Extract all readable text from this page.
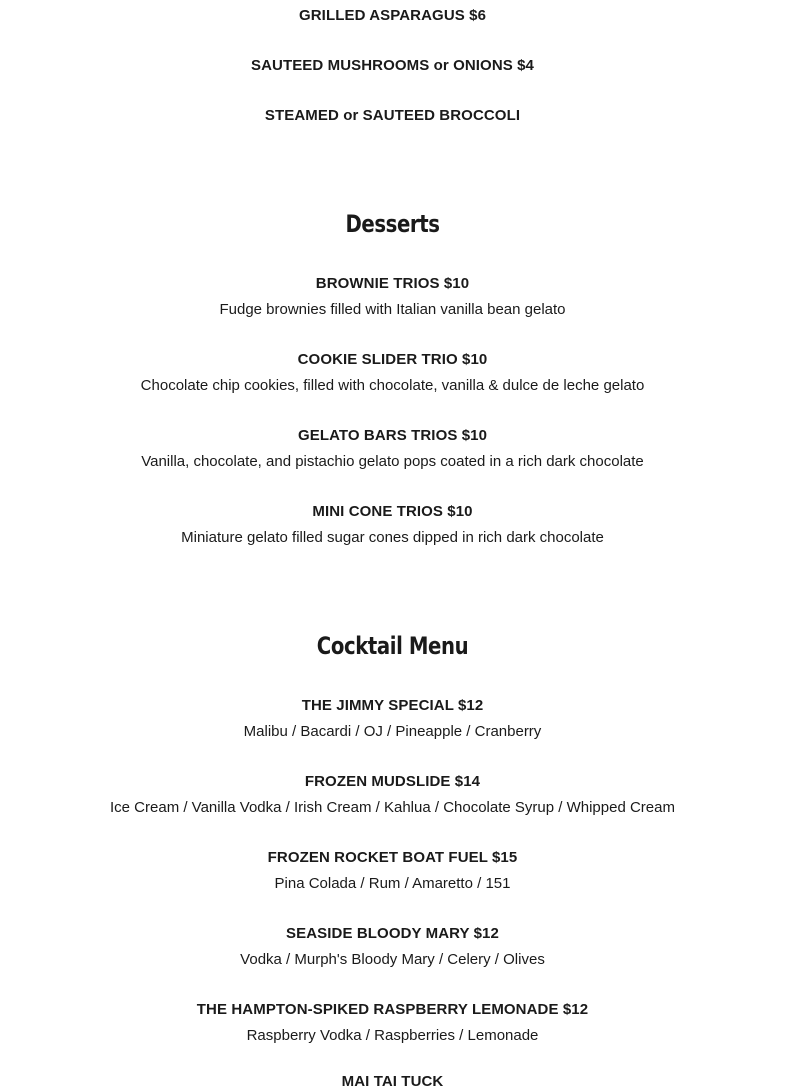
GRILLED ASPARAGUS $6
SAUTEED MUSHROOMS or ONIONS $4
STEAMED or SAUTEED BROCCOLI
Desserts
BROWNIE TRIOS $10
Fudge brownies filled with Italian vanilla bean gelato
COOKIE SLIDER TRIO $10
Chocolate chip cookies, filled with chocolate, vanilla & dulce de leche gelato
GELATO BARS TRIOS $10
Vanilla, chocolate, and pistachio gelato pops coated in a rich dark chocolate
MINI CONE TRIOS $10
Miniature gelato filled sugar cones dipped in rich dark chocolate
Cocktail Menu
THE JIMMY SPECIAL $12
Malibu / Bacardi / OJ / Pineapple / Cranberry
FROZEN MUDSLIDE $14
Ice Cream / Vanilla Vodka / Irish Cream / Kahlua / Chocolate Syrup / Whipped Cream
FROZEN ROCKET BOAT FUEL $15
Pina Colada / Rum / Amaretto / 151
SEASIDE BLOODY MARY $12
Vodka / Murph's Bloody Mary / Celery / Olives
THE HAMPTON-SPIKED RASPBERRY LEMONADE $12
Raspberry Vodka / Raspberries / Lemonade
MAI TAI TUCK
